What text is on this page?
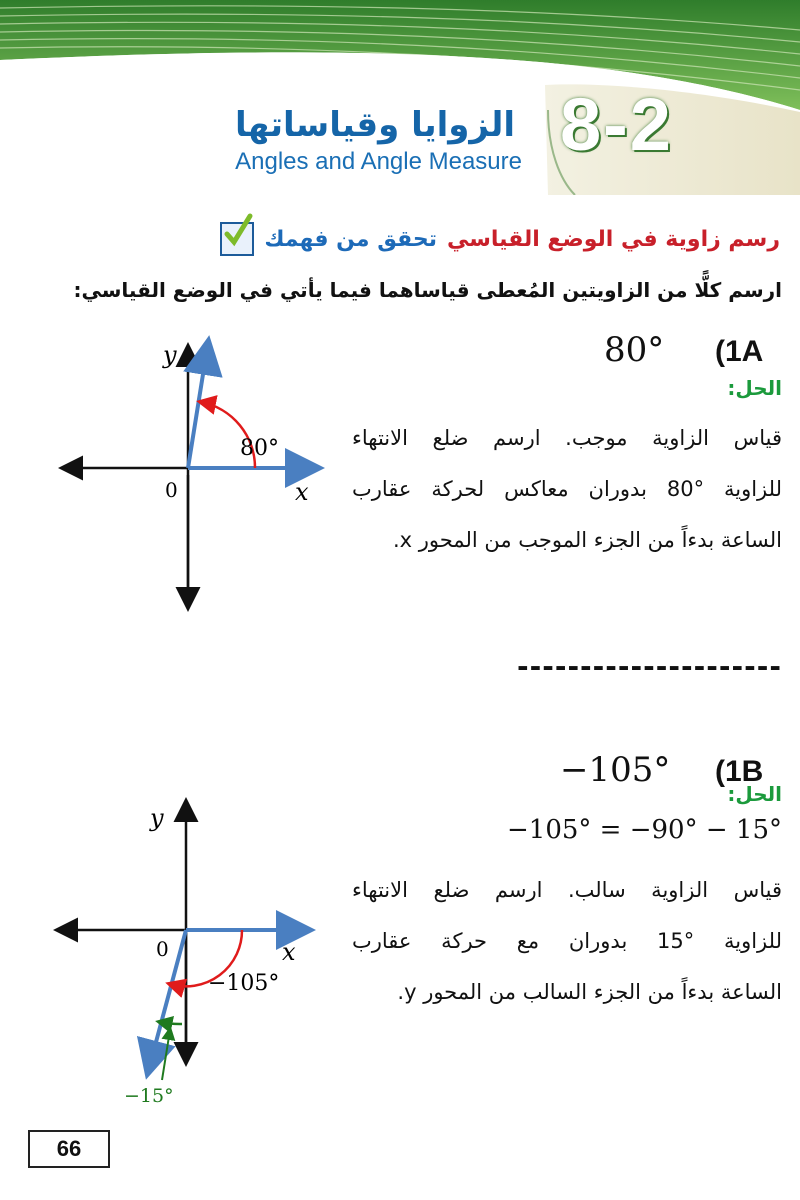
8-2
الزوايا وقياساتها
Angles and Angle Measure
تحقق من فهمك رسم زاوية في الوضع القياسي
ارسم كلًّا من الزاويتين المُعطى قياساهما فيما يأتي في الوضع القياسي:
(1A
80°
الحل:
قياس الزاوية موجب. ارسم ضلع الانتهاء
للزاوية °80 بدوران معاكس لحركة عقارب
الساعة بدءاً من الجزء الموجب من المحور x.
y
x
0
80°
---------------------
(1B
−105°
الحل:
−105° = −90° − 15°
قياس الزاوية سالب. ارسم ضلع الانتهاء
للزاوية °15 بدوران مع حركة عقارب
الساعة بدءاً من الجزء السالب من المحور y.
y
x
0
−105°
−15°
66
